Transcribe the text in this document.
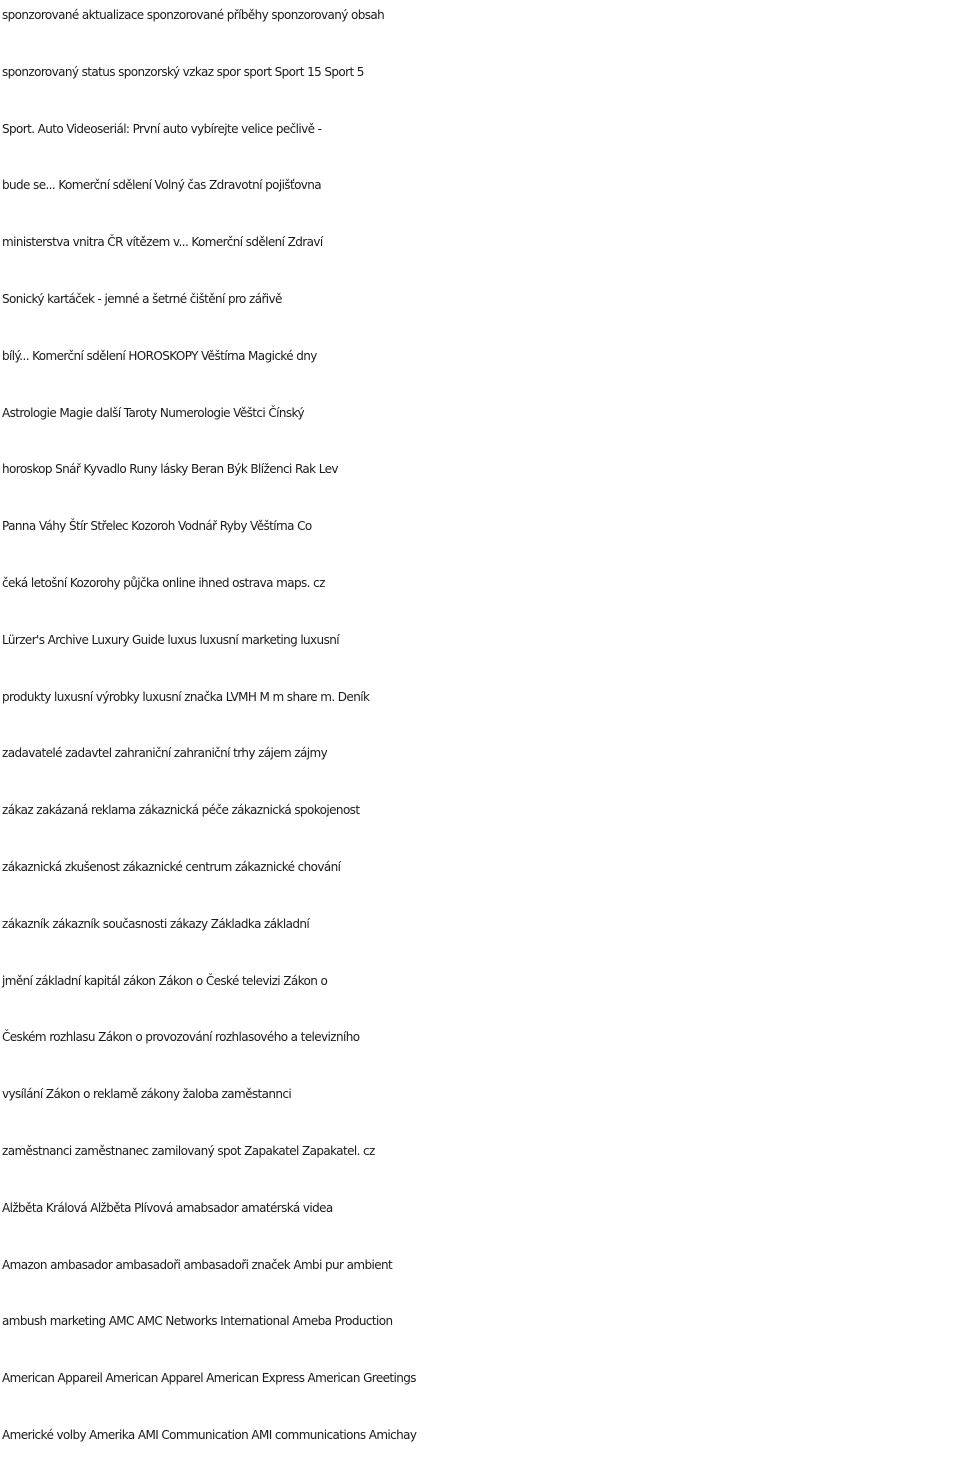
sponzorované aktualizace sponzorované příběhy sponzorovaný obsah
sponzorovaný status sponzorský vzkaz spor sport Sport 15 Sport 5
Sport. Auto Videoseriál: První auto vybírejte velice pečlivě -
bude se... Komerční sdělení Volný čas Zdravotní pojišťovna
ministerstva vnitra ČR vítězem v... Komerční sdělení Zdraví
Sonický kartáček - jemné a šetrné čištění pro zářivě
bílý... Komerční sdělení HOROSKOPY Věštírna Magické dny
Astrologie Magie další Taroty Numerologie Věštci Čínský
horoskop Snář Kyvadlo Runy lásky Beran Býk Blíženci Rak Lev
Panna Váhy Štír Střelec Kozoroh Vodnář Ryby Věštírna Co
čeká letošní Kozorohy půjčka online ihned ostrava maps. cz
Lürzer's Archive Luxury Guide luxus luxusní marketing luxusní
produkty luxusní výrobky luxusní značka LVMH M m share m. Deník
zadavatelé zadavtel zahraniční zahraniční trhy zájem zájmy
zákaz zakázaná reklama zákaznická péče zákaznická spokojenost
zákaznická zkušenost zákaznické centrum zákaznické chování
zákazník zákazník současnosti zákazy Základka základní
jmění základní kapitál zákon Zákon o České televizi Zákon o
Českém rozhlasu Zákon o provozování rozhlasového a televizního
vysílání Zákon o reklamě zákony žaloba zaměstannci
zaměstnanci zaměstnanec zamilovaný spot Zapakatel Zapakatel. cz
Alžběta Králová Alžběta Plívová amabsador amatérská videa
Amazon ambasador ambasadoři ambasadoři značek Ambi pur ambient
ambush marketing AMC AMC Networks International Ameba Production
American Appareil American Apparel American Express American Greetings
Americké volby Amerika AMI Communication AMI communications Amichay
